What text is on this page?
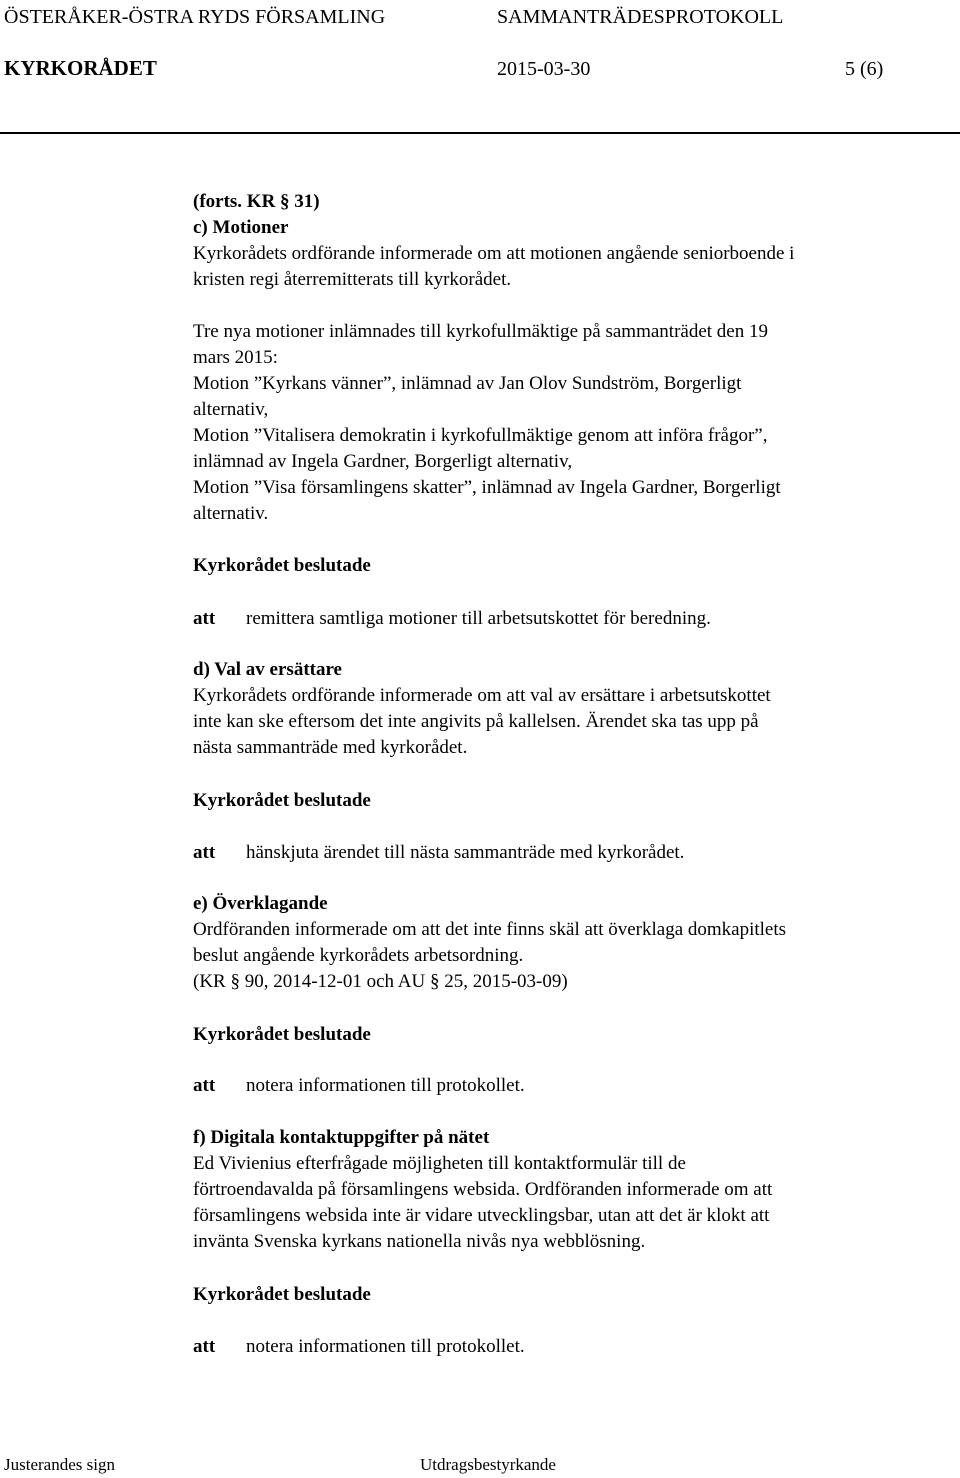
ÖSTERÅKER-ÖSTRA RYDS FÖRSAMLING	SAMMANTRÄDESPROTOKOLL
KYRKORÅDET	2015-03-30	5 (6)
(forts. KR § 31)
c) Motioner
Kyrkorådets ordförande informerade om att motionen angående seniorboende i
kristen regi återremitterats till kyrkorådet.
Tre nya motioner inlämnades till kyrkofullmäktige på sammanträdet den 19
mars 2015:
Motion ”Kyrkans vänner”, inlämnad av Jan Olov Sundström, Borgerligt
alternativ,
Motion ”Vitalisera demokratin i kyrkofullmäktige genom att införa frågor”,
inlämnad av Ingela Gardner, Borgerligt alternativ,
Motion ”Visa församlingens skatter”, inlämnad av Ingela Gardner, Borgerligt
alternativ.
Kyrkorådet beslutade
att remittera samtliga motioner till arbetsutskottet för beredning.
d) Val av ersättare
Kyrkorådets ordförande informerade om att val av ersättare i arbetsutskottet
inte kan ske eftersom det inte angivits på kallelsen. Ärendet ska tas upp på
nästa sammanträde med kyrkorådet.
Kyrkorådet beslutade
att hänskjuta ärendet till nästa sammanträde med kyrkorådet.
e) Överklagande
Ordföranden informerade om att det inte finns skäl att överklaga domkapitlets
beslut angående kyrkorådets arbetsordning.
(KR § 90, 2014-12-01 och AU § 25, 2015-03-09)
Kyrkorådet beslutade
att notera informationen till protokollet.
f) Digitala kontaktuppgifter på nätet
Ed Vivienius efterfrågade möjligheten till kontaktformulär till de
förtroendavalda på församlingens websida. Ordföranden informerade om att
församlingens websida inte är vidare utvecklingsbar, utan att det är klokt att
invänta Svenska kyrkans nationella nivås nya webblösning.
Kyrkorådet beslutade
att notera informationen till protokollet.
Justerandes sign	Utdragsbestyrkande
